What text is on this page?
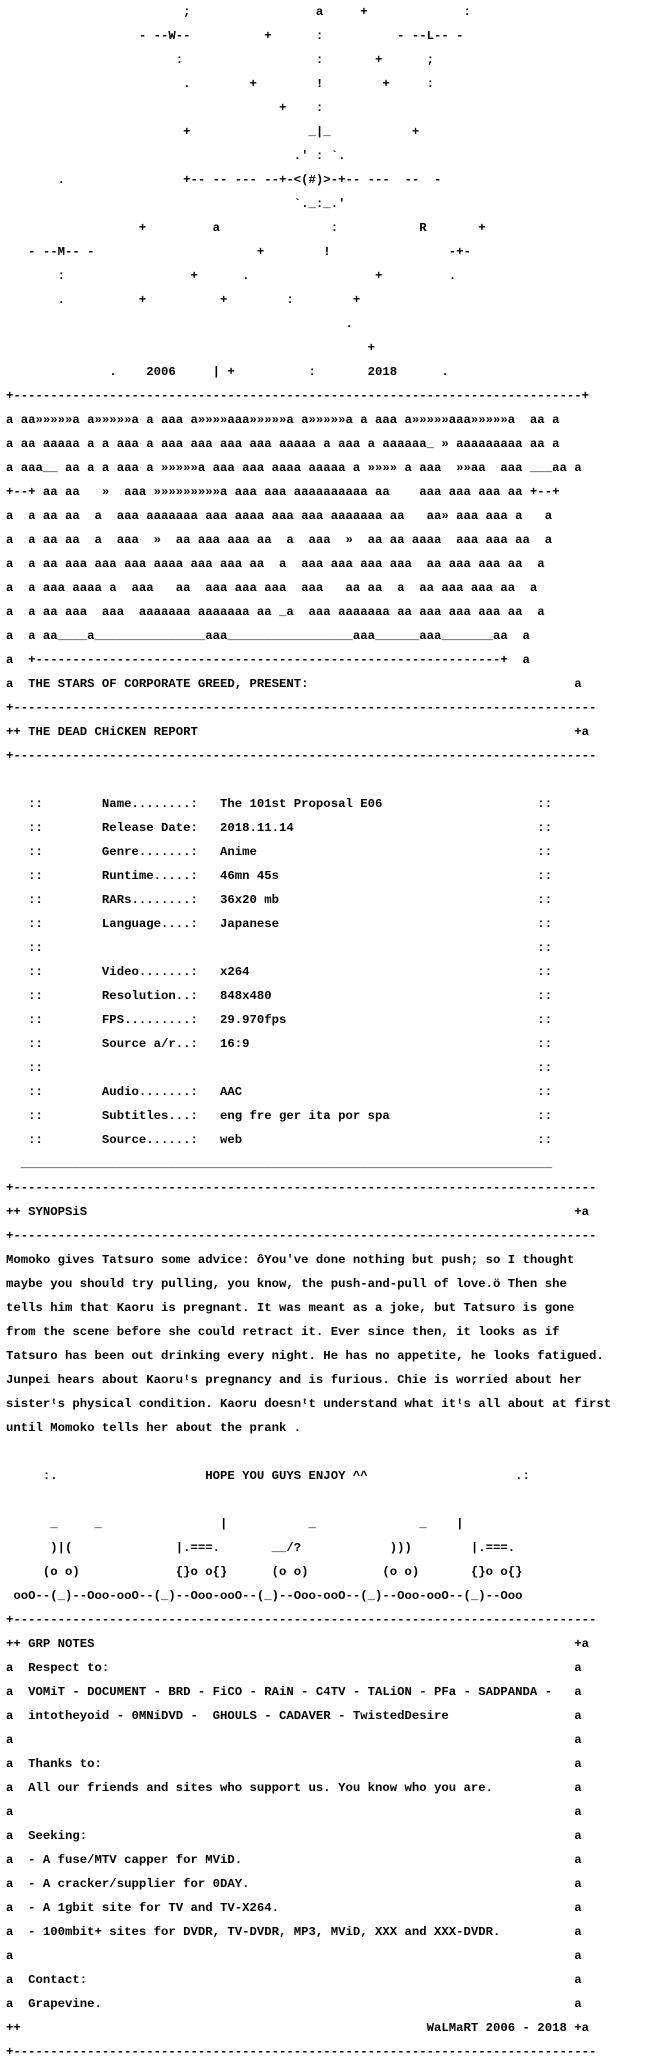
;                 a     +             :

- --W--          +      :          - --L-- -

:                  :       +      ;

.        +        !        +     :

+    :

+                _|_           +

.' : `.

.                +-- -- --- --+-<(#)>-+-- ---  --  -

`._:_.'

+         a               :           R       +

- --M-- -                      +        !                -+-

:                 +      .                 +         .

.          +          +        :        +

.

+

.    2006     | +          :       2018      .

+-----------------------------------------------------------------------------+

a aa»»»»»a a»»»»»a a aaa a»»»»aaa»»»»»a a»»»»»a a aaa a»»»»»aaa»»»»»a  aa a

a aa aaaaa a a aaa a aaa aaa aaa aaa aaaaa a aaa a aaaaaa_ » aaaaaaaaa aa a

a aaa__ aa a a aaa a »»»»»a aaa aaa aaaa aaaaa a »»»» a aaa  »»aa  aaa ___aa a

+--+ aa aa   »  aaa »»»»»»»»»a aaa aaa aaaaaaaaaa aa    aaa aaa aaa aa +--+

a  a aa aa  a  aaa aaaaaaa aaa aaaa aaa aaa aaaaaaa aa   aa» aaa aaa a   a

a  a aa aa  a  aaa  »  aa aaa aaa aa  a  aaa  »  aa aa aaaa  aaa aaa aa  a

a  a aa aaa aaa aaa aaaa aaa aaa aa  a  aaa aaa aaa aaa  aa aaa aaa aa  a

a  a aaa aaaa a  aaa   aa  aaa aaa aaa  aaa   aa aa  a  aa aaa aaa aa  a

a  a aa aaa  aaa  aaaaaaa aaaaaaa aa _a  aaa aaaaaaa aa aaa aaa aaa aa  a

a  a aa____a_______________aaa_________________aaa______aaa_______aa  a

a  +---------------------------------------------------------------+  a

a  THE STARS OF CORPORATE GREED, PRESENT:                                    a

+-------------------------------------------------------------------------------

++ THE DEAD CHiCKEN REPORT                                                   +a

+-------------------------------------------------------------------------------

::        Name........:   The 101st Proposal E06                     ::

::        Release Date:   2018.11.14                                 ::

::        Genre.......:   Anime                                      ::

::        Runtime.....:   46mn 45s                                   ::

::        RARs........:   36x20 mb                                   ::

::        Language....:   Japanese                                   ::

::                                                                   ::

::        Video.......:   x264                                       ::

::        Resolution..:   848x480                                    ::

::        FPS.........:   29.970fps                                  ::

::        Source a/r..:   16:9                                       ::

::                                                                   ::

::        Audio.......:   AAC                                        ::

::        Subtitles...:   eng fre ger ita por spa                    ::

::        Source......:   web                                        ::

________________________________________________________________________

+-------------------------------------------------------------------------------

++ SYNOPSiS                                                                  +a

+-------------------------------------------------------------------------------

Momoko gives Tatsuro some advice: ôYou've done nothing but push; so I thought

maybe you should try pulling, you know, the push-and-pull of love.ö Then she

tells him that Kaoru is pregnant. It was meant as a joke, but Tatsuro is gone

from the scene before she could retract it. Ever since then, it looks as if

Tatsuro has been out drinking every night. He has no appetite, he looks fatigued.

Junpei hears about Kaoruᵗs pregnancy and is furious. Chie is worried about her

sisterᵗs physical condition. Kaoru doesnᵗt understand what itᵗs all about at first

until Momoko tells her about the prank .

:.                    HOPE YOU GUYS ENJOY ^^                    .:

_     _                |           _              _    |

)|(              |.===.       __/?            )))        |.===.

(o o)             {}o o{}      (o o)          (o o)       {}o o{}

ooO--(_)--Ooo-ooO--(_)--Ooo-ooO--(_)--Ooo-ooO--(_)--Ooo-ooO--(_)--Ooo

+-------------------------------------------------------------------------------

++ GRP NOTES                                                                 +a

a  Respect to:                                                               a

a  VOMiT - DOCUMENT - BRD - FiCO - RAiN - C4TV - TALiON - PFa - SADPANDA -   a

a  intotheyoid - 0MNiDVD -  GHOULS - CADAVER - TwistedDesire                 a

a                                                                            a

a  Thanks to:                                                                a

a  All our friends and sites who support us. You know who you are.           a

a                                                                            a

a  Seeking:                                                                  a

a  - A fuse/MTV capper for MViD.                                             a

a  - A cracker/supplier for 0DAY.                                            a

a  - A 1gbit site for TV and TV-X264.                                        a

a  - 100mbit+ sites for DVDR, TV-DVDR, MP3, MViD, XXX and XXX-DVDR.          a

a                                                                            a

a  Contact:                                                                  a

a  Grapevine.                                                                a

++                                                       WaLMaRT 2006 - 2018 +a

+-------------------------------------------------------------------------------
